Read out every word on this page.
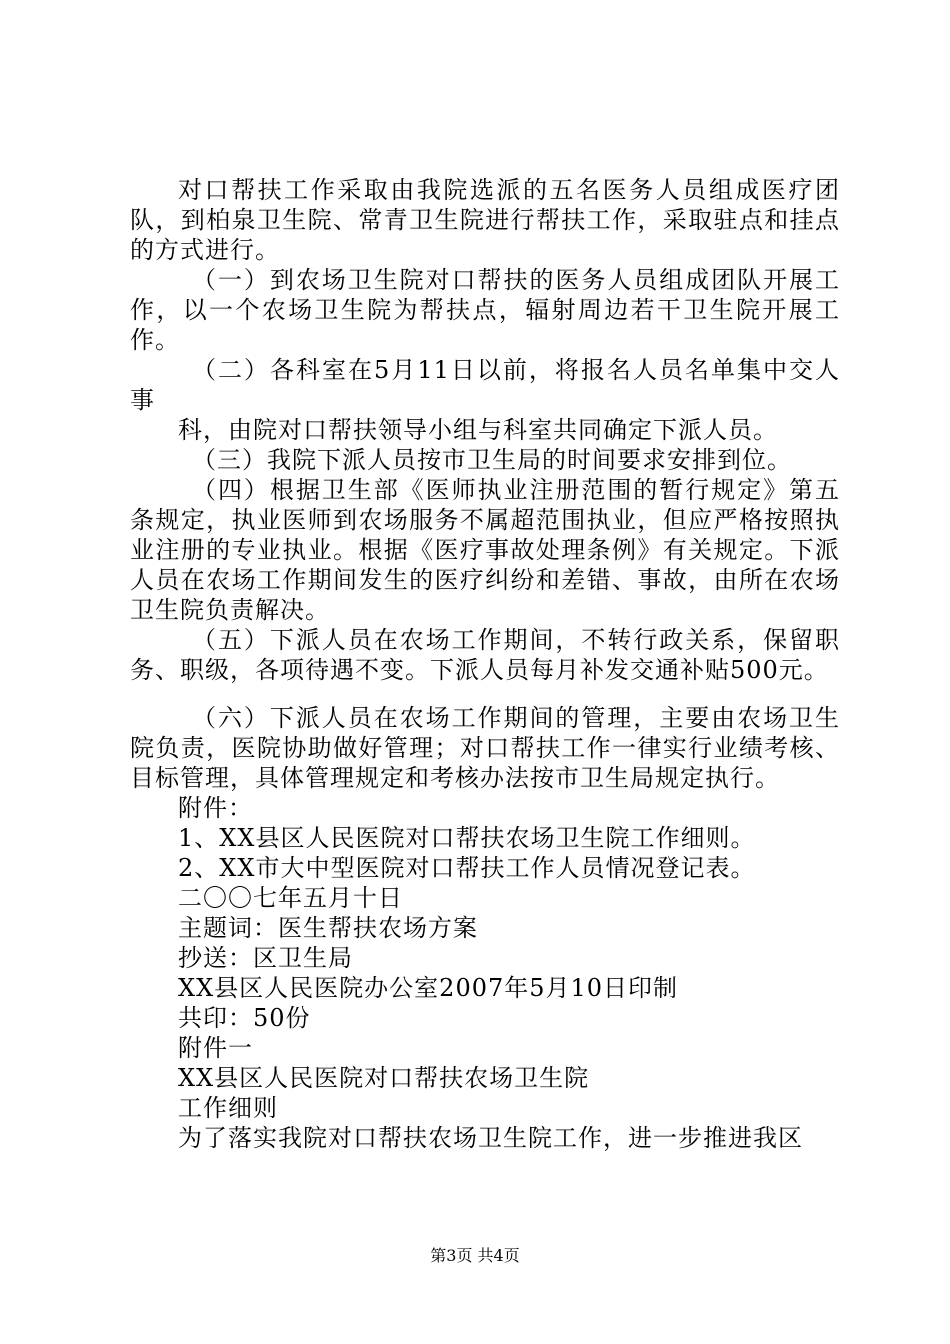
对口帮扶工作采取由我院选派的五名医务人员组成医疗团队，到柏泉卫生院、常青卫生院进行帮扶工作，采取驻点和挂点的方式进行。

（一）到农场卫生院对口帮扶的医务人员组成团队开展工作，以一个农场卫生院为帮扶点，辐射周边若干卫生院开展工作。

（二）各科室在5月11日以前，将报名人员名单集中交人事

科，由院对口帮扶领导小组与科室共同确定下派人员。

（三）我院下派人员按市卫生局的时间要求安排到位。

（四）根据卫生部《医师执业注册范围的暂行规定》第五条规定，执业医师到农场服务不属超范围执业，但应严格按照执业注册的专业执业。根据《医疗事故处理条例》有关规定。下派人员在农场工作期间发生的医疗纠纷和差错、事故，由所在农场卫生院负责解决。

（五）下派人员在农场工作期间，不转行政关系，保留职务、职级，各项待遇不变。下派人员每月补发交通补贴500元。

（六）下派人员在农场工作期间的管理，主要由农场卫生院负责，医院协助做好管理；对口帮扶工作一律实行业绩考核、目标管理，具体管理规定和考核办法按市卫生局规定执行。

附件：

1、XX县区人民医院对口帮扶农场卫生院工作细则。

2、XX市大中型医院对口帮扶工作人员情况登记表。

二〇〇七年五月十日

主题词：医生帮扶农场方案

抄送：区卫生局

XX县区人民医院办公室2007年5月10日印制

共印：50份

附件一

XX县区人民医院对口帮扶农场卫生院

工作细则

为了落实我院对口帮扶农场卫生院工作，进一步推进我区

第3页 共4页
